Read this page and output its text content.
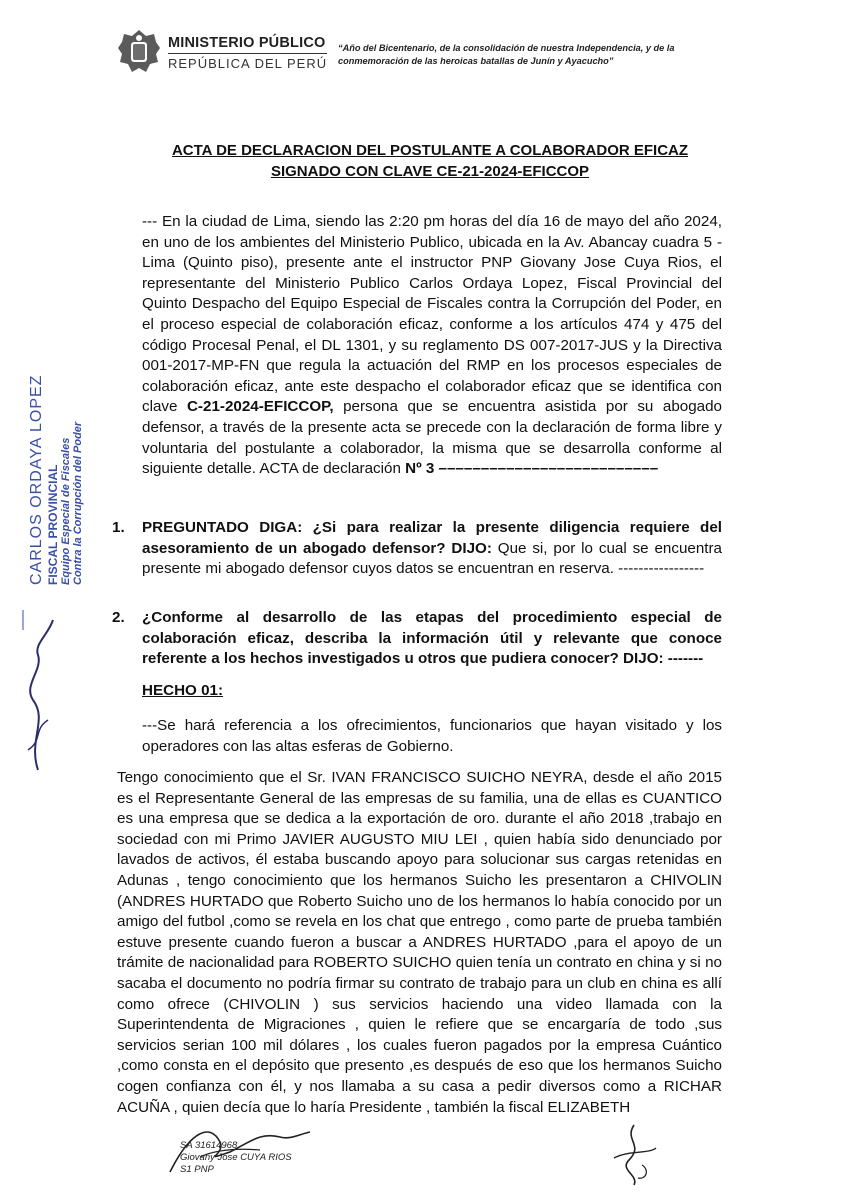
MINISTERIO PÚBLICO
REPÚBLICA DEL PERÚ
“Año del Bicentenario, de la consolidación de nuestra Independencia, y de la conmemoración de las heroicas batallas de Junín y Ayacucho”
ACTA DE DECLARACION DEL POSTULANTE A COLABORADOR EFICAZ
SIGNADO CON CLAVE CE-21-2024-EFICCOP
--- En la ciudad de Lima, siendo las 2:20 pm horas del día 16 de mayo del año 2024, en uno de los ambientes del Ministerio Publico, ubicada en la Av. Abancay cuadra 5 - Lima (Quinto piso), presente ante el instructor PNP Giovany Jose Cuya Rios, el representante del Ministerio Publico Carlos Ordaya Lopez, Fiscal Provincial del Quinto Despacho del Equipo Especial de Fiscales contra la Corrupción del Poder, en el proceso especial de colaboración eficaz, conforme a los artículos 474 y 475 del código Procesal Penal, el DL 1301, y su reglamento DS 007-2017-JUS y la Directiva 001-2017-MP-FN que regula la actuación del RMP en los procesos especiales de colaboración eficaz, ante este despacho el colaborador eficaz que se identifica con clave C-21-2024-EFICCOP, persona que se encuentra asistida por su abogado defensor, a través de la presente acta se precede con la declaración de forma libre y voluntaria del postulante a colaborador, la misma que se desarrolla conforme al siguiente detalle. ACTA de declaración Nº 3 ––––––––––––––––––––––––––
1. PREGUNTADO DIGA: ¿Si para realizar la presente diligencia requiere del asesoramiento de un abogado defensor? DIJO: Que si, por lo cual se encuentra presente mi abogado defensor cuyos datos se encuentran en reserva. -----------------
2. ¿Conforme al desarrollo de las etapas del procedimiento especial de colaboración eficaz, describa la información útil y relevante que conoce referente a los hechos investigados u otros que pudiera conocer? DIJO: -------
HECHO 01:
---Se hará referencia a los ofrecimientos, funcionarios que hayan visitado y los operadores con las altas esferas de Gobierno.
Tengo conocimiento que el Sr. IVAN FRANCISCO SUICHO NEYRA, desde el año 2015 es el Representante General de las empresas de su familia, una de ellas es CUANTICO es una empresa que se dedica a la exportación de oro. durante el año 2018 ,trabajo en sociedad con mi Primo JAVIER AUGUSTO MIU LEI , quien había sido denunciado por lavados de activos, él estaba buscando apoyo para solucionar sus cargas retenidas en Adunas , tengo conocimiento que los hermanos Suicho les presentaron a CHIVOLIN (ANDRES HURTADO que Roberto Suicho uno de los hermanos lo había conocido por un amigo del futbol ,como se revela en los chat que entrego , como parte de prueba también estuve presente cuando fueron a buscar a ANDRES HURTADO ,para el apoyo de un trámite de nacionalidad para ROBERTO SUICHO quien tenía un contrato en china y si no sacaba el documento no podría firmar su contrato de trabajo para un club en china es allí como ofrece (CHIVOLIN ) sus servicios haciendo una video llamada con la Superintendenta de Migraciones , quien le refiere que se encargaría de todo ,sus servicios serian 100 mil dólares , los cuales fueron pagados por la empresa Cuántico ,como consta en el depósito que presento ,es después de eso que los hermanos Suicho cogen confianza con él, y nos llamaba a su casa a pedir diversos como a RICHAR ACUÑA , quien decía que lo haría Presidente , también la fiscal ELIZABETH
CARLOS ORDAYA LOPEZ FISCAL PROVINCIAL Equipo Especial de Fiscales Contra la Corrupción del Poder
SA 31614968
Giovany Jose CUYA RIOS
S1 PNP
